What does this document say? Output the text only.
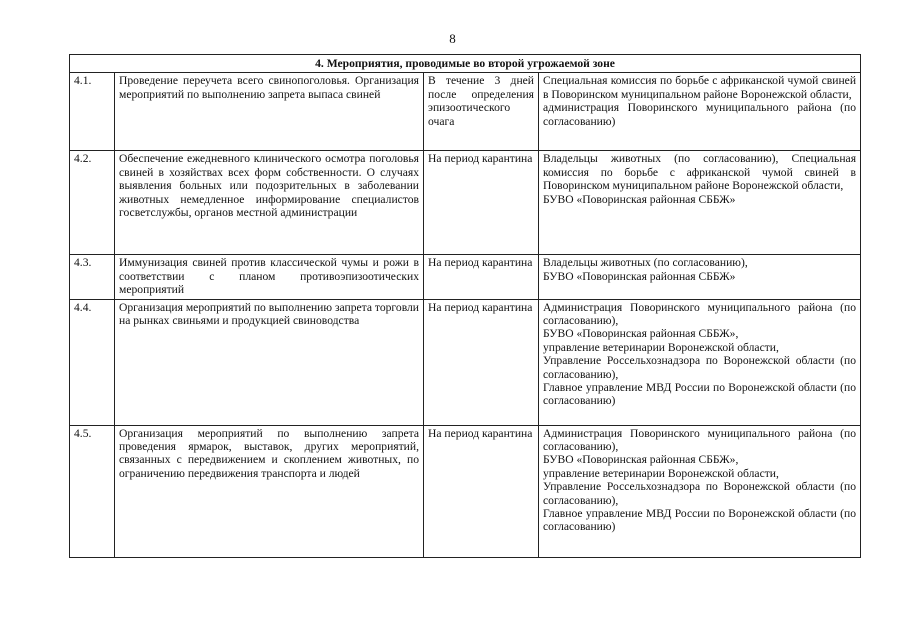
8
4. Мероприятия, проводимые во второй угрожаемой зоне			
4.1.	Проведение переучета всего свинопоголовья. Организация мероприятий по выполнению запрета выпаса свиней	В течение 3 дней после определения эпизоотического очага	Специальная комиссия по борьбе с африканской чумой свиней в Поворинском муниципальном районе Воронежской области,
администрация Поворинского муниципального района (по согласованию)

4.2.	Обеспечение ежедневного клинического осмотра поголовья свиней в хозяйствах всех форм собственности. О случаях выявления больных или подозрительных в заболевании животных немедленное информирование специалистов госветслужбы, органов местной администрации	На период карантина	Владельцы животных (по согласованию), Специальная комиссия по борьбе с африканской чумой свиней в Поворинском муниципальном районе Воронежской области,
БУВО «Поворинская районная СББЖ»

4.3.	Иммунизация свиней против классической чумы и рожи в соответствии с планом противоэпизоотических мероприятий	На период карантина	Владельцы животных (по согласованию),
БУВО «Поворинская районная СББЖ»

4.4.	Организация мероприятий по выполнению запрета торговли на рынках свиньями и продукцией свиноводства	На период карантина	Администрация Поворинского муниципального района (по согласованию),
БУВО «Поворинская районная СББЖ»,
управление ветеринарии Воронежской области,
Управление Россельхознадзора по Воронежской области (по согласованию),
Главное управление МВД России по Воронежской области (по согласованию)

4.5.	Организация мероприятий по выполнению запрета проведения ярмарок, выставок, других мероприятий, связанных с передвижением и скоплением животных, по ограничению передвижения транспорта и людей	На период карантина	Администрация Поворинского муниципального района (по согласованию),
БУВО «Поворинская районная СББЖ»,
управление ветеринарии Воронежской области,
Управление Россельхознадзора по Воронежской области (по согласованию),
Главное управление МВД России по Воронежской области (по согласованию)
